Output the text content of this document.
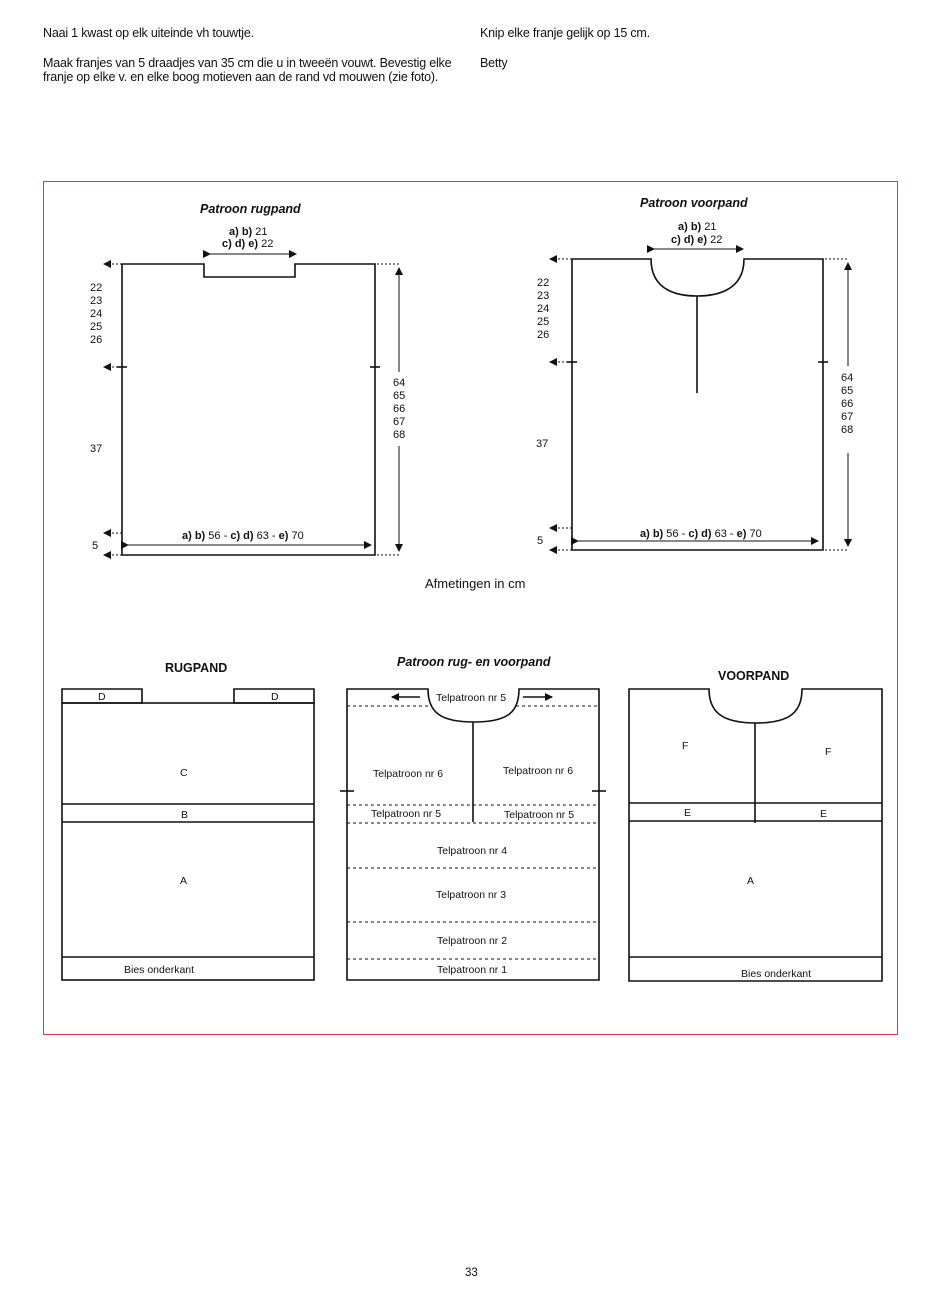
Naai 1 kwast op elk uiteinde vh touwtje.
Maak franjes van 5 draadjes van 35 cm die u in tweeën vouwt. Bevestig elke
franje op elke v. en elke boog motieven aan de rand vd mouwen (zie foto).
Knip elke franje gelijk op 15 cm.
Betty
Patroon rugpand
a) b) 21
c) d) e) 22
22 23 24 25 26
64 65 66 67 68
37
5
a) b) 56 - c) d) 63 - e) 70
Patroon voorpand
a) b) 21
c) d) e) 22
22 23 24 25 26
64 65 66 67 68
37
5
a) b) 56 - c) d) 63 - e) 70
Afmetingen in cm
RUGPAND
D	D
C
B
A
Bies onderkant
Patroon rug- en voorpand
Telpatroon nr 5
Telpatroon nr 6	Telpatroon nr 6
Telpatroon nr 5	Telpatroon nr 5
Telpatroon nr 4
Telpatroon nr 3
Telpatroon nr 2
Telpatroon nr 1
VOORPAND
F	F
E	E
A
Bies onderkant
33
